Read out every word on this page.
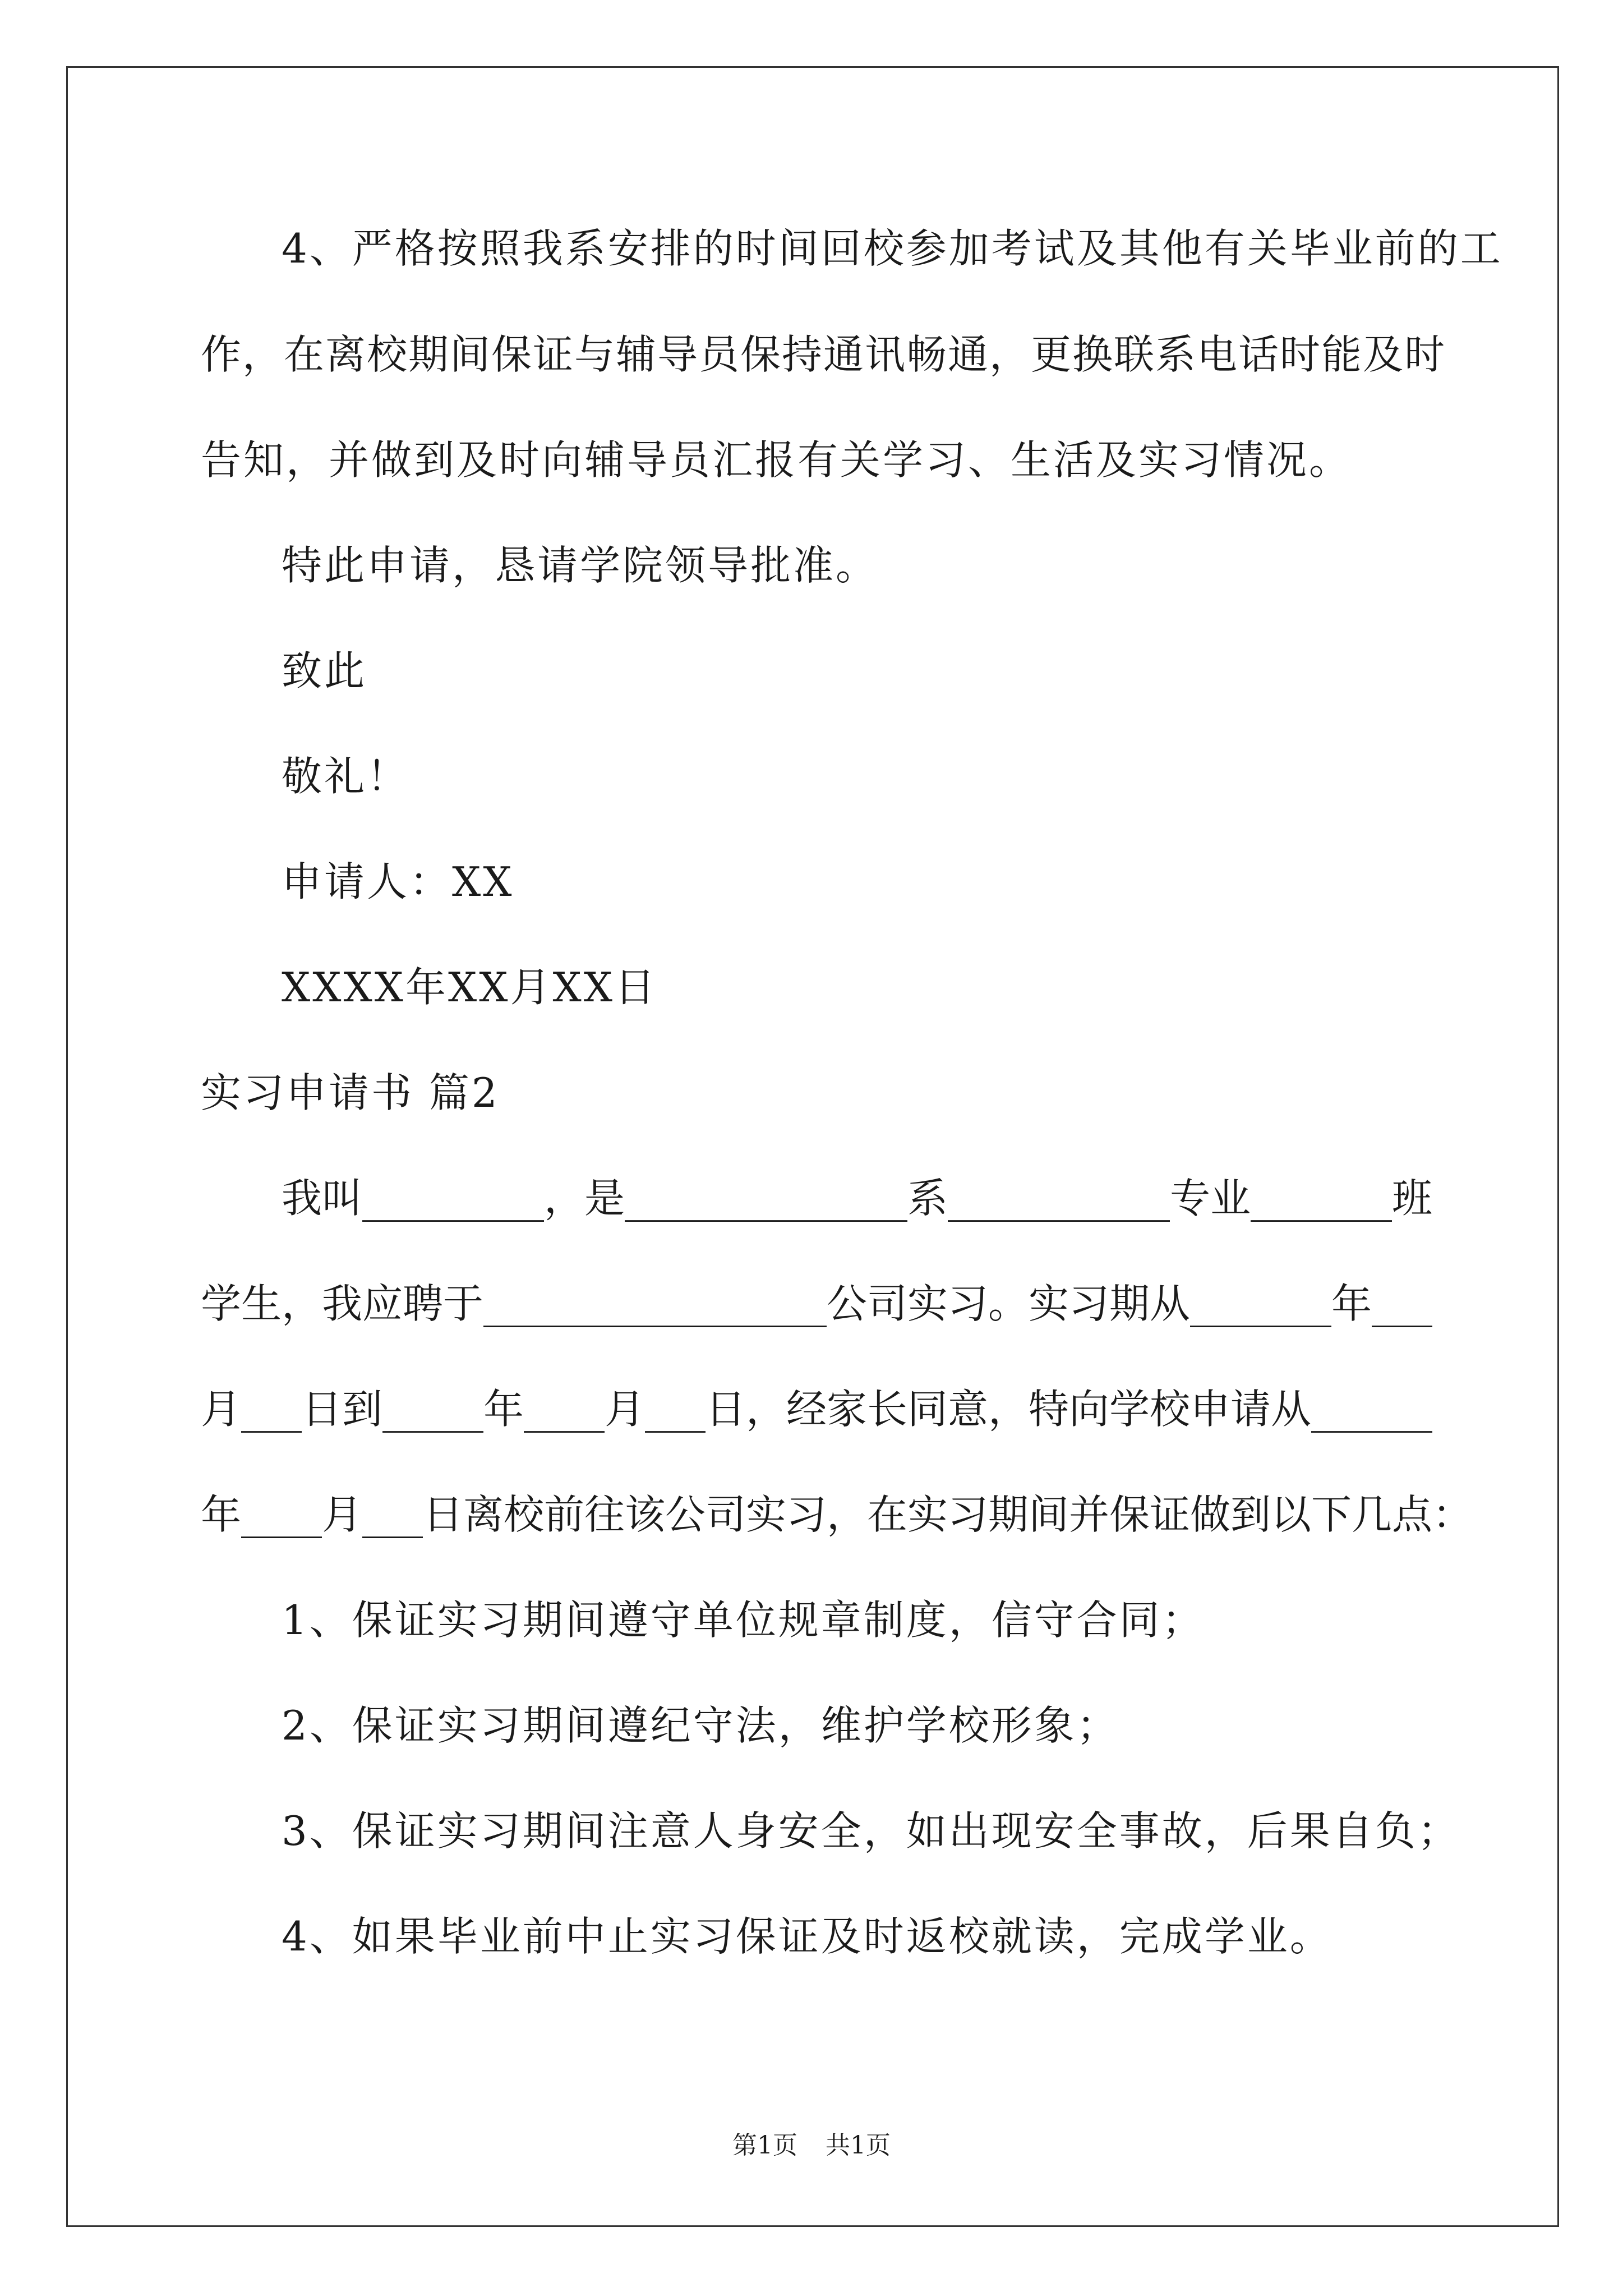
4、严格按照我系安排的时间回校参加考试及其他有关毕业前的工
作，在离校期间保证与辅导员保持通讯畅通，更换联系电话时能及时
告知，并做到及时向辅导员汇报有关学习、生活及实习情况。
特此申请，恳请学院领导批准。
致此
敬礼！
申请人：XX
XXXX年XX月XX日
实习申请书 篇2
我叫_________，是______________系___________专业_______班
学生，我应聘于_________________公司实习。实习期从_______年___
月___日到_____年____月___日，经家长同意，特向学校申请从______
年____月___日离校前往该公司实习，在实习期间并保证做到以下几点：
1、保证实习期间遵守单位规章制度，信守合同；
2、保证实习期间遵纪守法，维护学校形象；
3、保证实习期间注意人身安全，如出现安全事故，后果自负；
4、如果毕业前中止实习保证及时返校就读，完成学业。
第1页 共1页
